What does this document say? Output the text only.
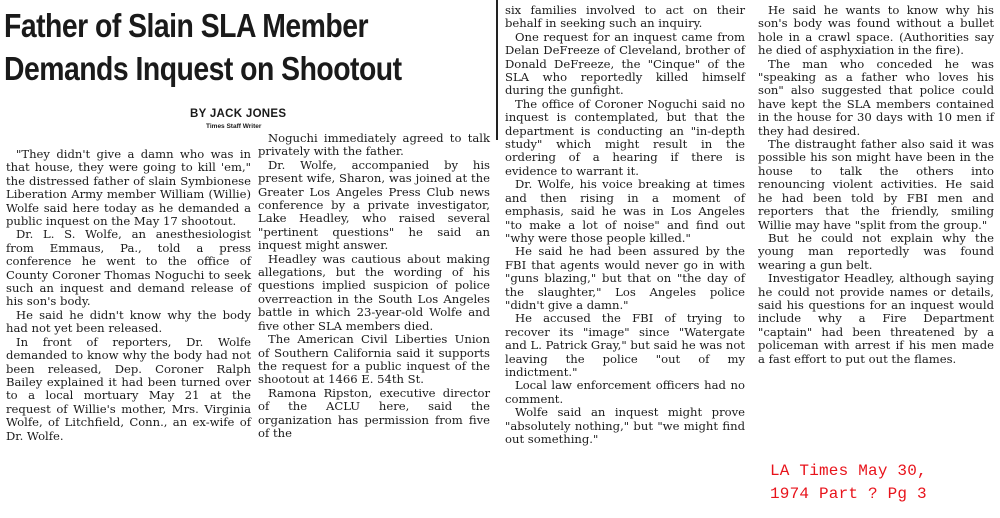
Father of Slain SLA Member
Demands Inquest on Shootout

BY JACK JONES

Times Staff Writer

"They didn't give a damn who was in that house, they were going to kill 'em," the distressed father of slain Symbionese Liberation Army member William (Willie) Wolfe said here today as he demanded a public inquest on the May 17 shootout.

Dr. L. S. Wolfe, an anesthesiologist from Emmaus, Pa., told a press conference he went to the office of County Coroner Thomas Noguchi to seek such an inquest and demand release of his son's body.

He said he didn't know why the body had not yet been released.

In front of reporters, Dr. Wolfe demanded to know why the body had not been released, Dep. Coroner Ralph Bailey explained it had been turned over to a local mortuary May 21 at the request of Willie's mother, Mrs. Virginia Wolfe, of Litchfield, Conn., an ex-wife of Dr. Wolfe.

Noguchi immediately agreed to talk privately with the father.

Dr. Wolfe, accompanied by his present wife, Sharon, was joined at the Greater Los Angeles Press Club news conference by a private investigator, Lake Headley, who raised several "pertinent questions" he said an inquest might answer.

Headley was cautious about making allegations, but the wording of his questions implied suspicion of police overreaction in the South Los Angeles battle in which 23-year-old Wolfe and five other SLA members died.

The American Civil Liberties Union of Southern California said it supports the request for a public inquest of the shootout at 1466 E. 54th St.

Ramona Ripston, executive director of the ACLU here, said the organization has permission from five of the

six families involved to act on their behalf in seeking such an inquiry.

One request for an inquest came from Delan DeFreeze of Cleveland, brother of Donald DeFreeze, the "Cinque" of the SLA who reportedly killed himself during the gunfight.

The office of Coroner Noguchi said no inquest is contemplated, but that the department is conducting an "in-depth study" which might result in the ordering of a hearing if there is evidence to warrant it.

Dr. Wolfe, his voice breaking at times and then rising in a moment of emphasis, said he was in Los Angeles "to make a lot of noise" and find out "why were those people killed."

He said he had been assured by the FBI that agents would never go in with "guns blazing," but that on "the day of the slaughter," Los Angeles police "didn't give a damn."

He accused the FBI of trying to recover its "image" since "Watergate and L. Patrick Gray," but said he was not leaving the police "out of my indictment."

Local law enforcement officers had no comment.

Wolfe said an inquest might prove "absolutely nothing," but "we might find out something."

He said he wants to know why his son's body was found without a bullet hole in a crawl space. (Authorities say he died of asphyxiation in the fire).

The man who conceded he was "speaking as a father who loves his son" also suggested that police could have kept the SLA members contained in the house for 30 days with 10 men if they had desired.

The distraught father also said it was possible his son might have been in the house to talk the others into renouncing violent activities. He said he had been told by FBI men and reporters that the friendly, smiling Willie may have "split from the group."

But he could not explain why the young man reportedly was found wearing a gun belt.

Investigator Headley, although saying he could not provide names or details, said his questions for an inquest would include why a Fire Department "captain" had been threatened by a policeman with arrest if his men made a fast effort to put out the flames.

LA Times May 30,
1974 Part ? Pg 3
